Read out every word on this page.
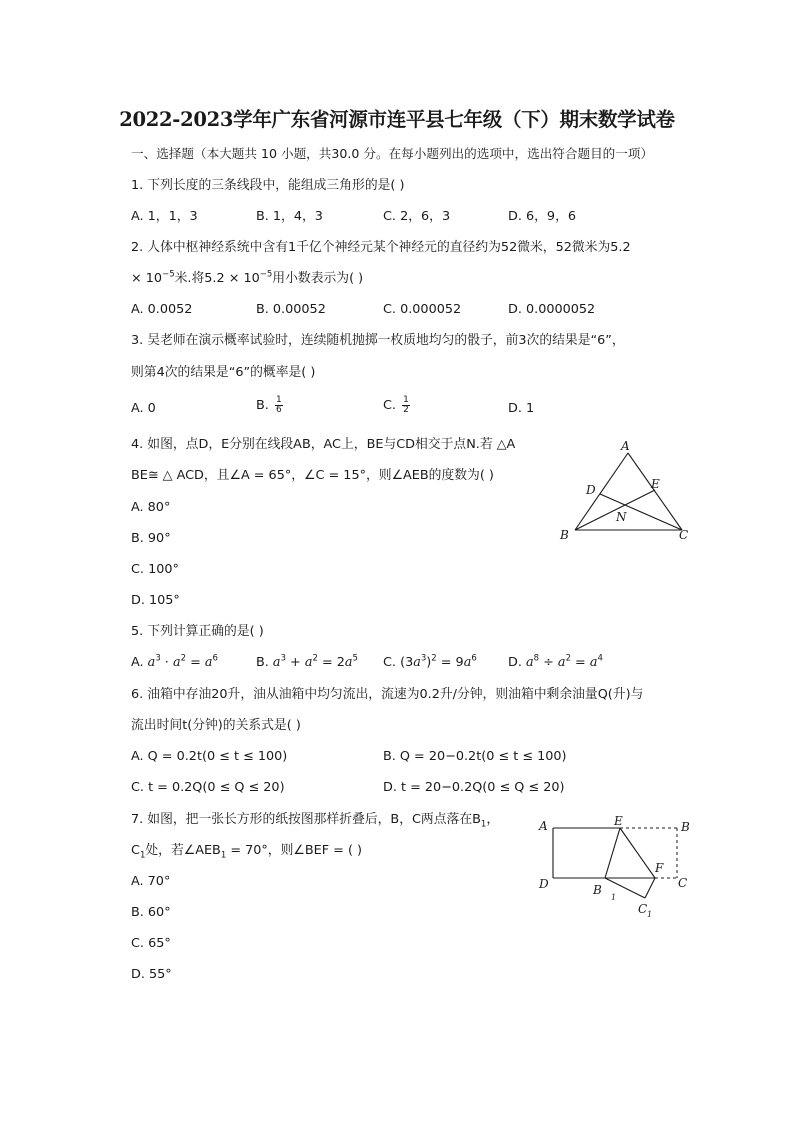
2022-2023学年广东省河源市连平县七年级（下）期末数学试卷
一、选择题（本大题共 10 小题，共30.0 分。在每小题列出的选项中，选出符合题目的一项）
1. 下列长度的三条线段中，能组成三角形的是( )
A. 1，1，3	B. 1，4，3	C. 2，6，3	D. 6，9，6
2. 人体中枢神经系统中含有1千亿个神经元某个神经元的直径约为52微米，52微米为5.2
× $10^{-5}$米.将$5.2 \times 10^{-5}$用小数表示为( )
A. 0.0052	B. 0.00052	C. 0.000052	D. 0.0000052
3. 吴老师在演示概率试验时，连续随机抛掷一枚质地均匀的骰子，前3次的结果是“6”，
则第4次的结果是“6”的概率是( )
A. 0	B. $\frac{1}{6}$	C. $\frac{1}{2}$	D. 1
4. 如图，点D，E分别在线段AB，AC上，BE与CD相交于点N.若 △A
BE≅ △ ACD，且∠A = 65°，∠C = 15°，则∠AEB的度数为( )
A. 80°
B. 90°
C. 100°
D. 105°
A
D	E
N
B	C
5. 下列计算正确的是( )
A. $a^3 \cdot a^2 = a^6$	B. $a^3 + a^2 = 2a^5$ C. $(3a^3)^2 = 9a^6$ D. $a^8 \div a^2 = a^4$
6. 油箱中存油20升，油从油箱中均匀流出，流速为0.2升/分钟，则油箱中剩余油量Q(升)与
流出时间t(分钟)的关系式是( )
A. Q = 0.2t(0 ≤ t ≤ 100)	B. Q = 20−0.2t(0 ≤ t ≤ 100)
C. t = 0.2Q(0 ≤ Q ≤ 20)	D. t = 20−0.2Q(0 ≤ Q ≤ 20)
7. 如图，把一张长方形的纸按图那样折叠后，B，C两点落在$B_1$，
$C_1$处，若$\angle AEB_1 = 70^\circ$，则∠BEF = ( )
A. 70°
B. 60°
C. 65°
D. 55°
A	E	B
F
D	B
1
C
C 1
